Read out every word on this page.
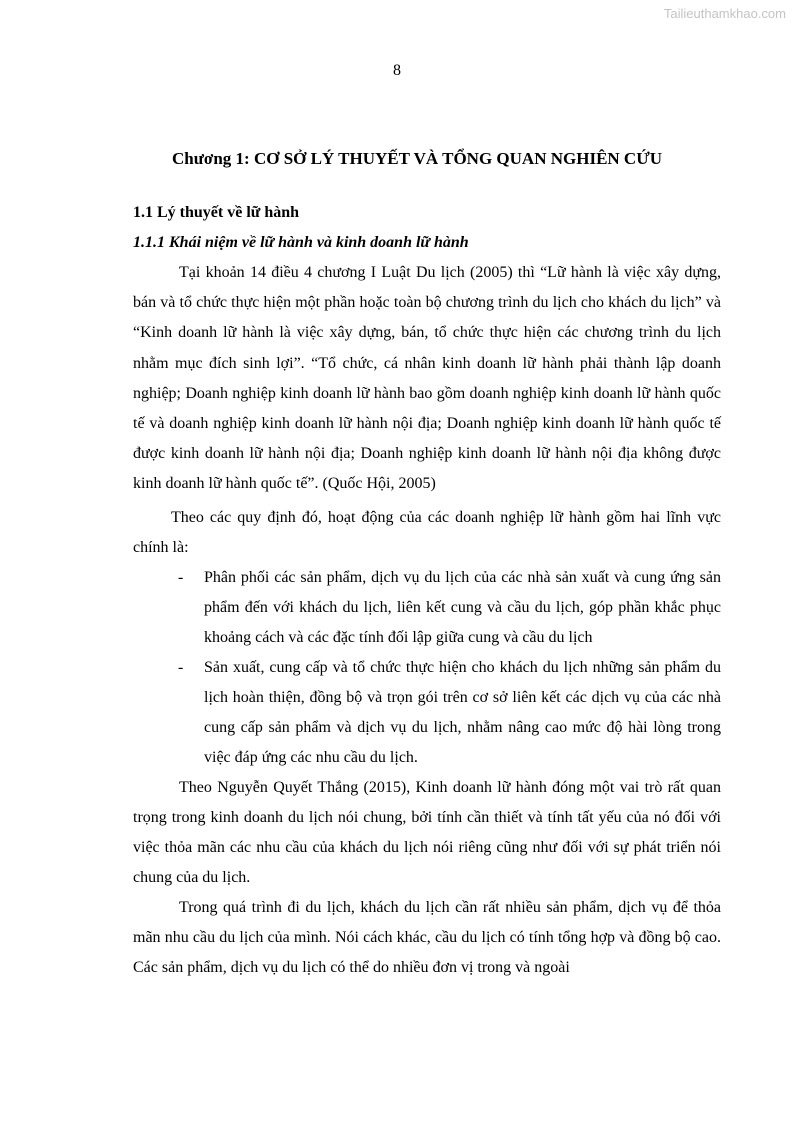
Tailieuthamkhao.com
8
Chương 1: CƠ SỞ LÝ THUYẾT VÀ TỔNG QUAN NGHIÊN CỨU
1.1 Lý thuyết về lữ hành
1.1.1 Khái niệm về lữ hành và kinh doanh lữ hành

Tại khoản 14 điều 4 chương I Luật Du lịch (2005) thì “Lữ hành là việc xây dựng, bán và tổ chức thực hiện một phần hoặc toàn bộ chương trình du lịch cho khách du lịch” và “Kinh doanh lữ hành là việc xây dựng, bán, tổ chức thực hiện các chương trình du lịch nhằm mục đích sinh lợi”. “Tổ chức, cá nhân kinh doanh lữ hành phải thành lập doanh nghiệp; Doanh nghiệp kinh doanh lữ hành bao gồm doanh nghiệp kinh doanh lữ hành quốc tế và doanh nghiệp kinh doanh lữ hành nội địa; Doanh nghiệp kinh doanh lữ hành quốc tế được kinh doanh lữ hành nội địa; Doanh nghiệp kinh doanh lữ hành nội địa không được kinh doanh lữ hành quốc tế”. (Quốc Hội, 2005)

Theo các quy định đó, hoạt động của các doanh nghiệp lữ hành gồm hai lĩnh vực chính là:

- Phân phối các sản phẩm, dịch vụ du lịch của các nhà sản xuất và cung ứng sản phẩm đến với khách du lịch, liên kết cung và cầu du lịch, góp phần khắc phục khoảng cách và các đặc tính đối lập giữa cung và cầu du lịch
- Sản xuất, cung cấp và tổ chức thực hiện cho khách du lịch những sản phẩm du lịch hoàn thiện, đồng bộ và trọn gói trên cơ sở liên kết các dịch vụ của các nhà cung cấp sản phẩm và dịch vụ du lịch, nhằm nâng cao mức độ hài lòng trong việc đáp ứng các nhu cầu du lịch.

Theo Nguyễn Quyết Thắng (2015), Kinh doanh lữ hành đóng một vai trò rất quan trọng trong kinh doanh du lịch nói chung, bởi tính cần thiết và tính tất yếu của nó đối với việc thỏa mãn các nhu cầu của khách du lịch nói riêng cũng như đối với sự phát triển nói chung của du lịch.

Trong quá trình đi du lịch, khách du lịch cần rất nhiều sản phẩm, dịch vụ để thỏa mãn nhu cầu du lịch của mình. Nói cách khác, cầu du lịch có tính tổng hợp và đồng bộ cao. Các sản phẩm, dịch vụ du lịch có thể do nhiều đơn vị trong và ngoài
